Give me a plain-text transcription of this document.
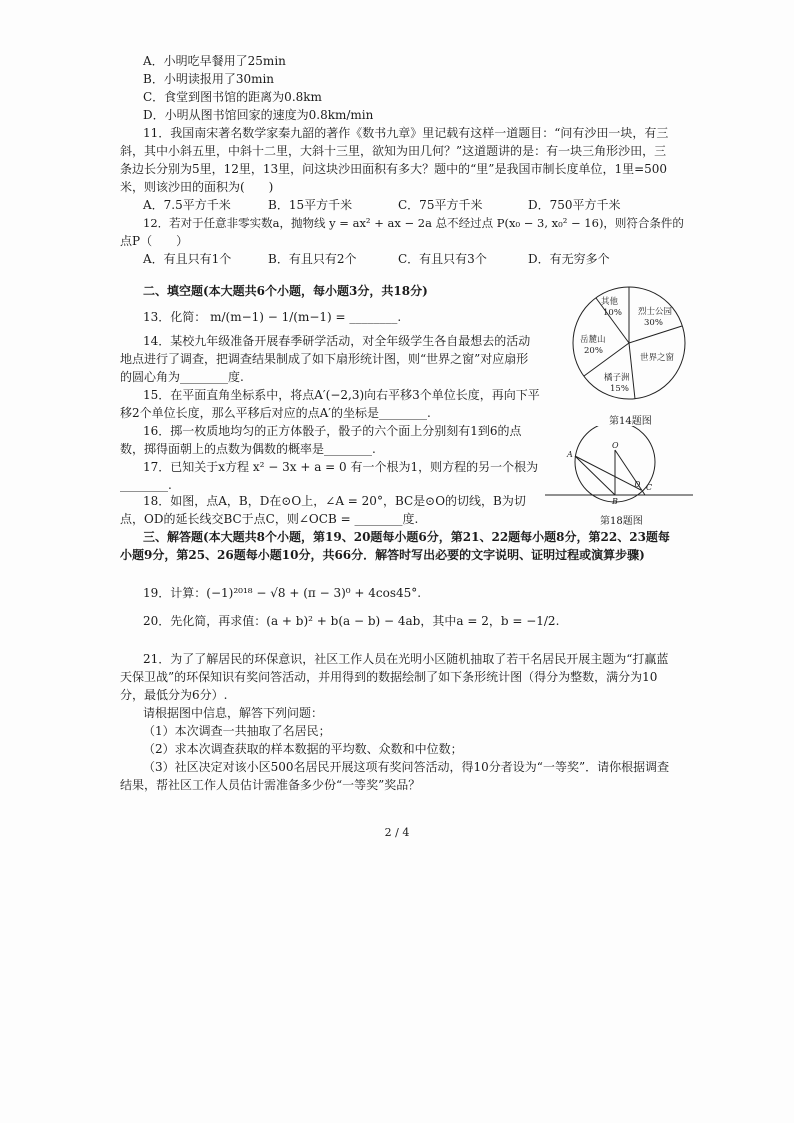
A．小明吃早餐用了25min
B．小明读报用了30min
C．食堂到图书馆的距离为0.8km
D．小明从图书馆回家的速度为0.8km/min
11．我国南宋著名数学家秦九韶的著作《数书九章》里记载有这样一道题目：“问有沙田一块，有三斜，其中小斜五里，中斜十二里，大斜十三里，欲知为田几何？”这道题讲的是：有一块三角形沙田，三条边长分别为5里，12里，13里，问这块沙田面积有多大？题中的“里”是我国市制长度单位，1里=500米，则该沙田的面积为(　　)
A．7.5平方千米	B．15平方千米	C．75平方千米	D．750平方千米
12．若对于任意非零实数a，抛物线 y = ax² + ax − 2a 总不经过点 P(x₀ − 3, x₀² − 16)，则符合条件的
点P（　　）
A．有且只有1个	B．有且只有2个	C．有且只有3个	D．有无穷多个
二、填空题(本大题共6个小题，每小题3分，共18分)
13．化简： m/(m−1) − 1/(m−1) = ________.
14．某校九年级准备开展春季研学活动，对全年级学生各自最想去的活动地点进行了调查，把调查结果制成了如下扇形统计图，则“世界之窗”对应扇形的圆心角为________度.
15．在平面直角坐标系中，将点A′(−2,3)向右平移3个单位长度，再向下平移2个单位长度，那么平移后对应的点A′的坐标是________.
16．掷一枚质地均匀的正方体骰子，骰子的六个面上分别刻有1到6的点数，掷得面朝上的点数为偶数的概率是________.
17．已知关于x方程 x² − 3x + a = 0 有一个根为1，则方程的另一个根为________.
18．如图，点A，B，D在⊙O上，∠A = 20°，BC是⊙O的切线，B为切点，OD的延长线交BC于点C，则∠OCB = ________度.
三、解答题(本大题共8个小题，第19、20题每小题6分，第21、22题每小题8分，第22、23题每小题9分，第25、26题每小题10分，共66分．解答时写出必要的文字说明、证明过程或演算步骤)
19．计算：(−1)²⁰¹⁸ − √8 + (π − 3)⁰ + 4cos45°.
20．先化简，再求值：(a + b)² + b(a − b) − 4ab，其中a = 2，b = −1/2.
21．为了了解居民的环保意识，社区工作人员在光明小区随机抽取了若干名居民开展主题为“打赢蓝天保卫战”的环保知识有奖问答活动，并用得到的数据绘制了如下条形统计图（得分为整数，满分为10分，最低分为6分）.
请根据图中信息，解答下列问题：
（1）本次调查一共抽取了名居民；
（2）求本次调查获取的样本数据的平均数、众数和中位数；
（3）社区决定对该小区500名居民开展这项有奖问答活动，得10分者设为“一等奖”．请你根据调查结果，帮社区工作人员估计需准备多少份“一等奖”奖品？
其他
10% 烈士公园
30%
岳麓山
20%
世界之窗
橘子洲
15%
第14题图
O
A
B
C
D
第18题图
2 / 4
